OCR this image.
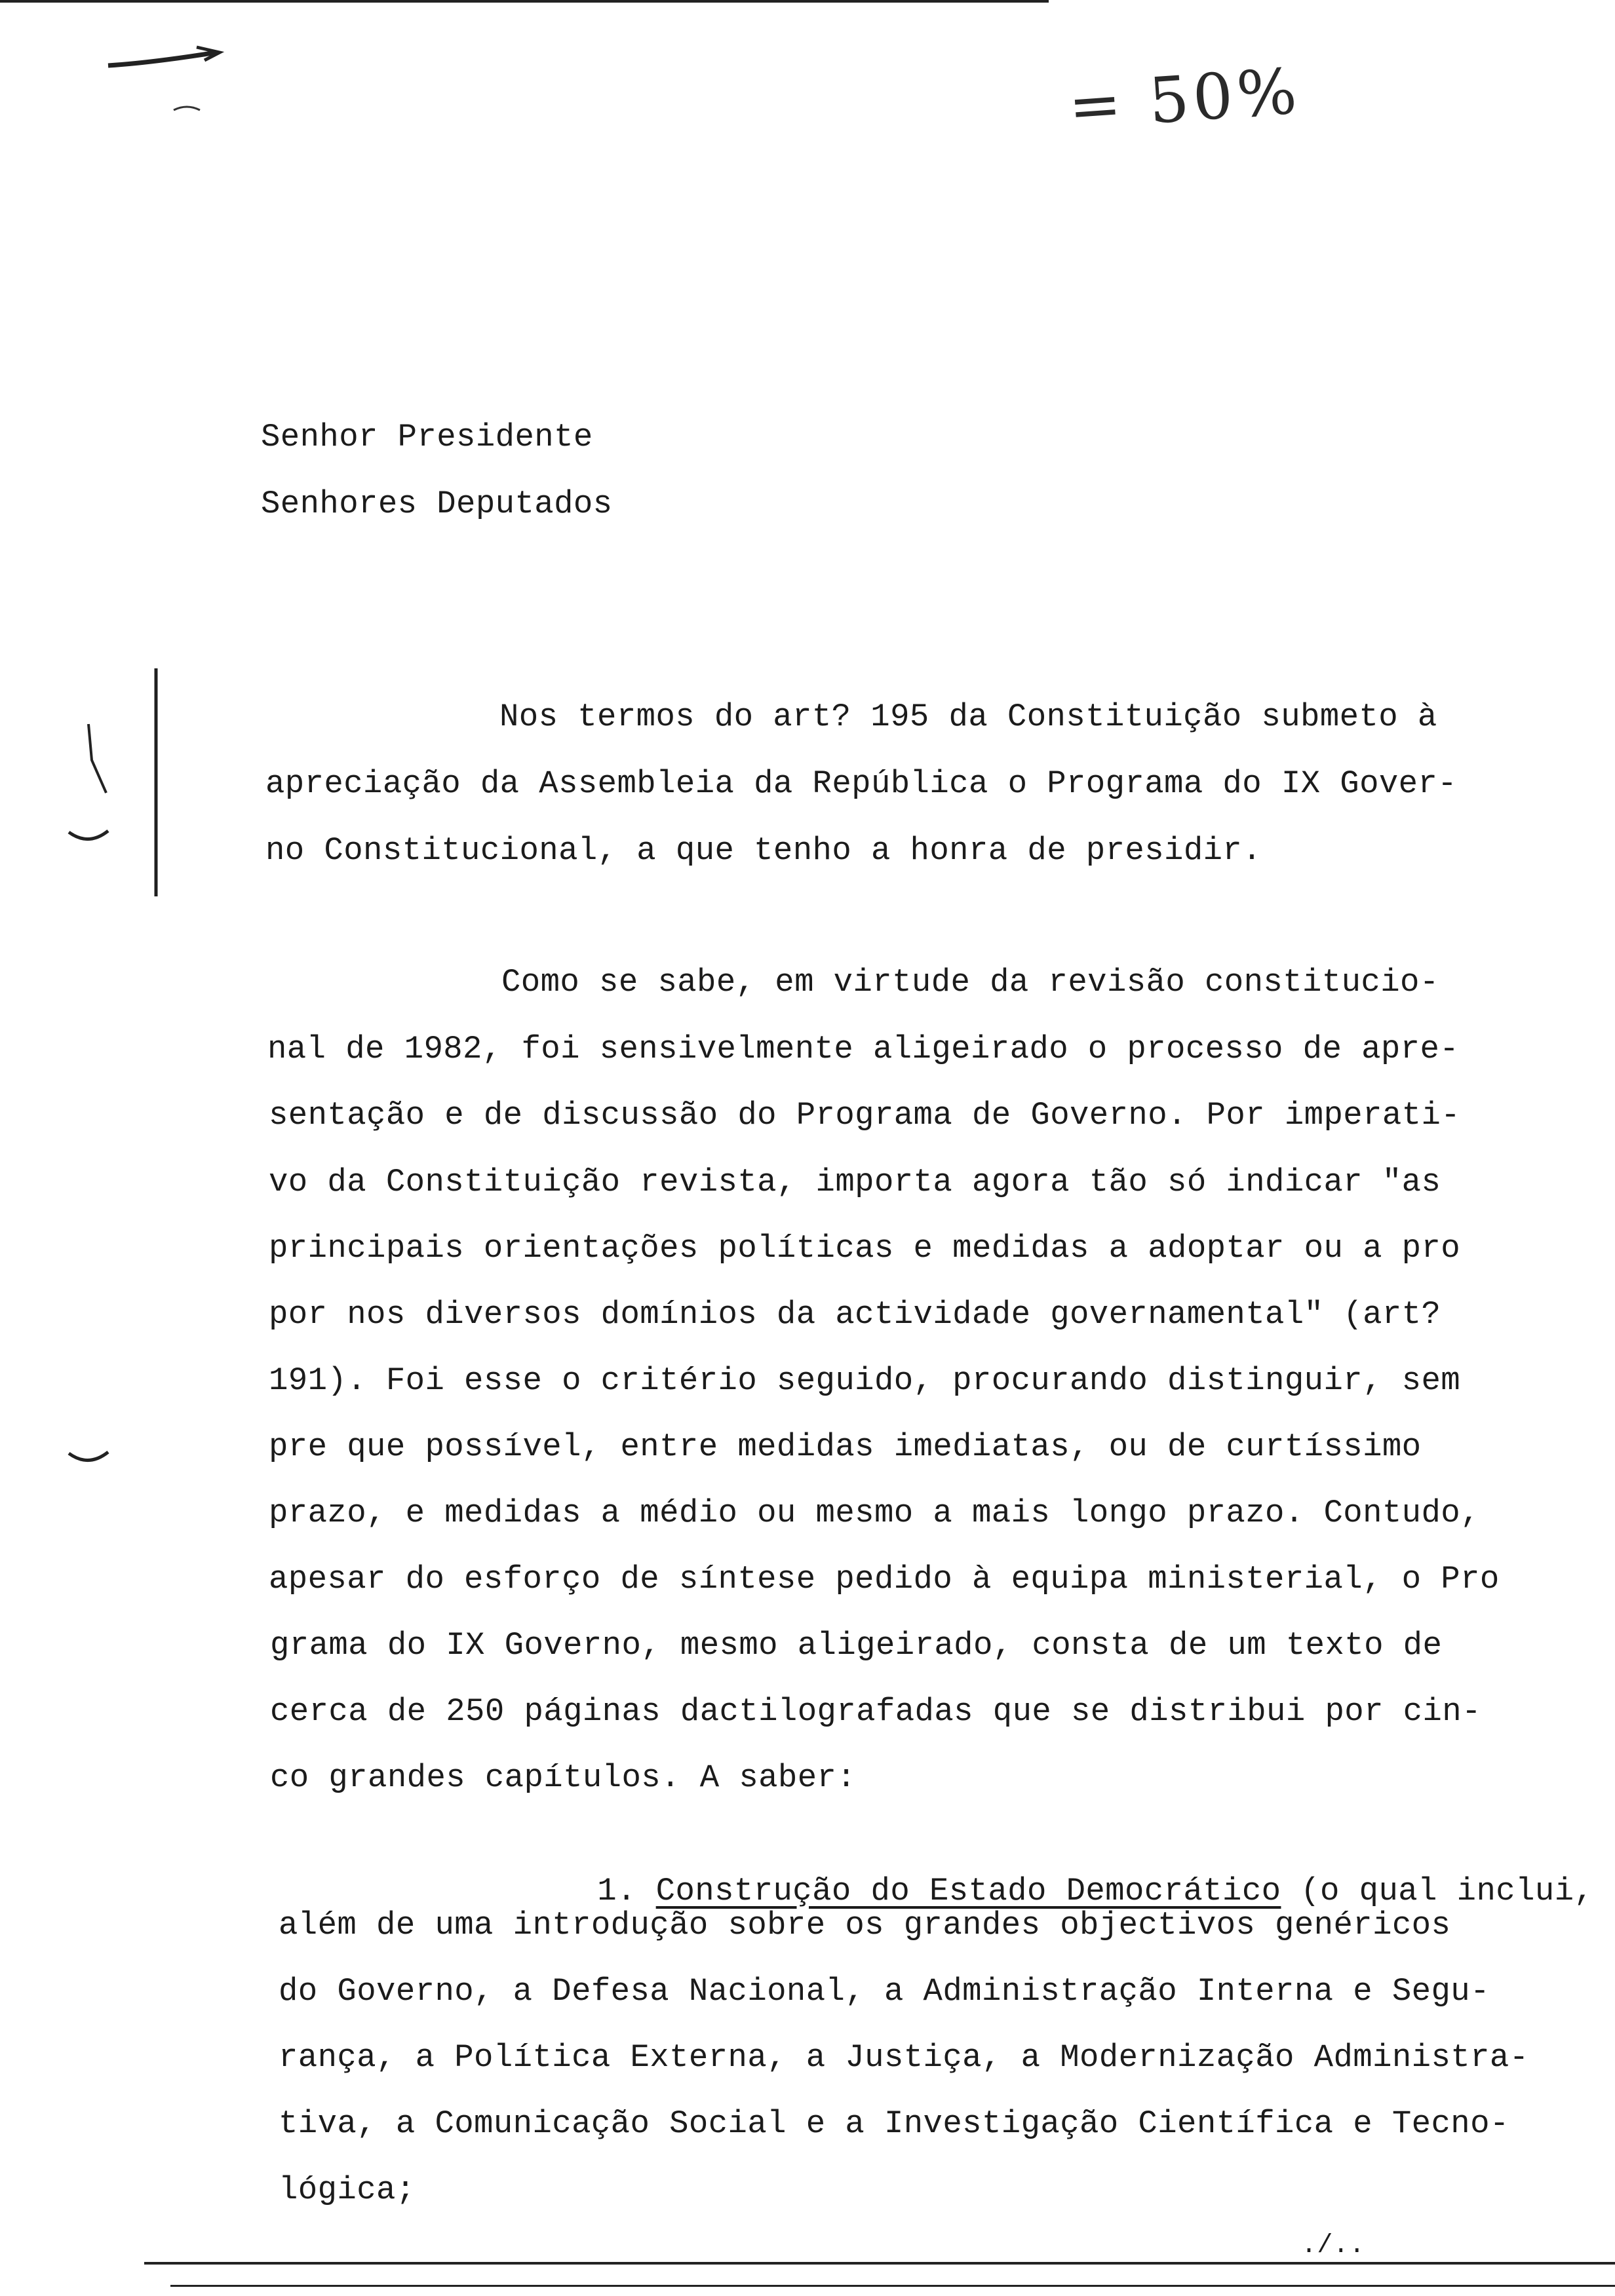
= 50%
Senhor Presidente
Senhores Deputados
Nos termos do art? 195 da Constituição submeto à
apreciação da Assembleia da República o Programa do IX Gover-
no Constitucional, a que tenho a honra de presidir.
Como se sabe, em virtude da revisão constitucio-
nal de 1982, foi sensivelmente aligeirado o processo de apre-
sentação e de discussão do Programa de Governo. Por imperati-
vo da Constituição revista, importa agora tão só indicar "as
principais orientações políticas e medidas a adoptar ou a pro
por nos diversos domínios da actividade governamental" (art?
191). Foi esse o critério seguido, procurando distinguir, sem
pre que possível, entre medidas imediatas, ou de curtíssimo
prazo, e medidas a médio ou mesmo a mais longo prazo. Contudo,
apesar do esforço de síntese pedido à equipa ministerial, o Pro
grama do IX Governo, mesmo aligeirado, consta de um texto de
cerca de 250 páginas dactilografadas que se distribui por cin-
co grandes capítulos. A saber:

1. Construção do Estado Democrático (o qual inclui,

além de uma introdução sobre os grandes objectivos genéricos
do Governo, a Defesa Nacional, a Administração Interna e Segu-
rança, a Política Externa, a Justiça, a Modernização Administra-
tiva, a Comunicação Social e a Investigação Científica e Tecno-
lógica;
./..
